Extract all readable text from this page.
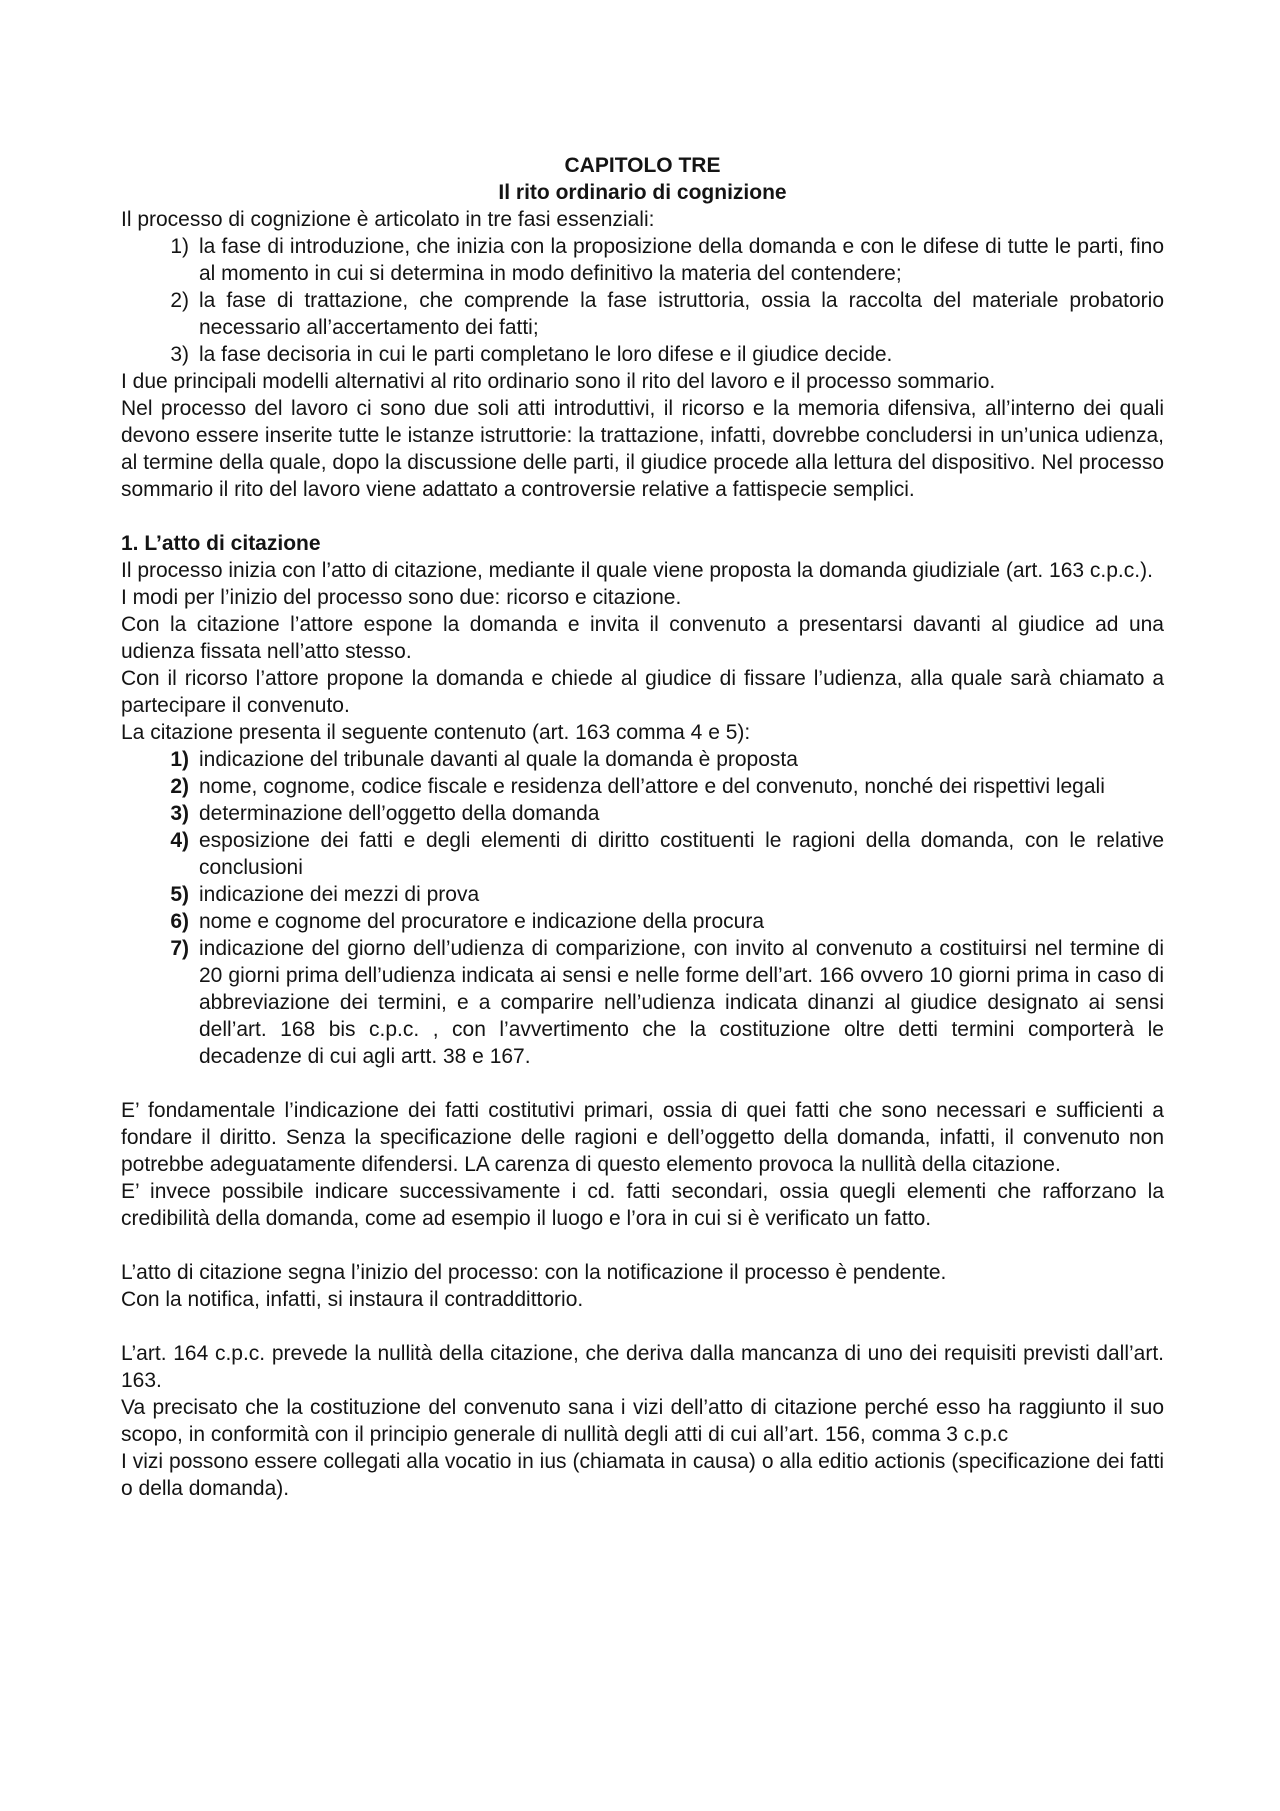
CAPITOLO TRE
Il rito ordinario di cognizione

Il processo di cognizione è articolato in tre fasi essenziali:

1) la fase di introduzione, che inizia con la proposizione della domanda e con le difese di tutte le parti, fino al momento in cui si determina in modo definitivo la materia del contendere;
2) la fase di trattazione, che comprende la fase istruttoria, ossia la raccolta del materiale probatorio necessario all’accertamento dei fatti;
3) la fase decisoria in cui le parti completano le loro difese e il giudice decide.

I due principali modelli alternativi al rito ordinario sono il rito del lavoro e il processo sommario.

Nel processo del lavoro ci sono due soli atti introduttivi, il ricorso e la memoria difensiva, all’interno dei quali devono essere inserite tutte le istanze istruttorie: la trattazione, infatti, dovrebbe concludersi in un’unica udienza, al termine della quale, dopo la discussione delle parti, il giudice procede alla lettura del dispositivo. Nel processo sommario il rito del lavoro viene adattato a controversie relative a fattispecie semplici.

1. L’atto di citazione

Il processo inizia con l’atto di citazione, mediante il quale viene proposta la domanda giudiziale (art. 163 c.p.c.).

I modi per l’inizio del processo sono due: ricorso e citazione.

Con la citazione l’attore espone la domanda e invita il convenuto a presentarsi davanti al giudice ad una udienza fissata nell’atto stesso.

Con il ricorso l’attore propone la domanda e chiede al giudice di fissare l’udienza, alla quale sarà chiamato a partecipare il convenuto.

La citazione presenta il seguente contenuto (art. 163 comma 4 e 5):

1) indicazione del tribunale davanti al quale la domanda è proposta
2) nome, cognome, codice fiscale e residenza dell’attore e del convenuto, nonché dei rispettivi legali
3) determinazione dell’oggetto della domanda
4) esposizione dei fatti e degli elementi di diritto costituenti le ragioni della domanda, con le relative conclusioni
5) indicazione dei mezzi di prova
6) nome e cognome del procuratore e indicazione della procura
7) indicazione del giorno dell’udienza di comparizione, con invito al convenuto a costituirsi nel termine di 20 giorni prima dell’udienza indicata ai sensi e nelle forme dell’art. 166 ovvero 10 giorni prima in caso di abbreviazione dei termini, e a comparire nell’udienza indicata dinanzi al giudice designato ai sensi dell’art. 168 bis c.p.c. , con l’avvertimento che la costituzione oltre detti termini comporterà le decadenze di cui agli artt. 38 e 167.

E’ fondamentale l’indicazione dei fatti costitutivi primari, ossia di quei fatti che sono necessari e sufficienti a fondare il diritto. Senza la specificazione delle ragioni e dell’oggetto della domanda, infatti, il convenuto non potrebbe adeguatamente difendersi. LA carenza di questo elemento provoca la nullità della citazione.

E’ invece possibile indicare successivamente i cd. fatti secondari, ossia quegli elementi che rafforzano la credibilità della domanda, come ad esempio il luogo e l’ora in cui si è verificato un fatto.

L’atto di citazione segna l’inizio del processo: con la notificazione il processo è pendente.

Con la notifica, infatti, si instaura il contraddittorio.

L’art. 164 c.p.c. prevede la nullità della citazione, che deriva dalla mancanza di uno dei requisiti previsti dall’art. 163.

Va precisato che la costituzione del convenuto sana i vizi dell’atto di citazione perché esso ha raggiunto il suo scopo, in conformità con il principio generale di nullità degli atti di cui all’art. 156, comma 3 c.p.c

I vizi possono essere collegati alla vocatio in ius (chiamata in causa) o alla editio actionis (specificazione dei fatti o della domanda).
